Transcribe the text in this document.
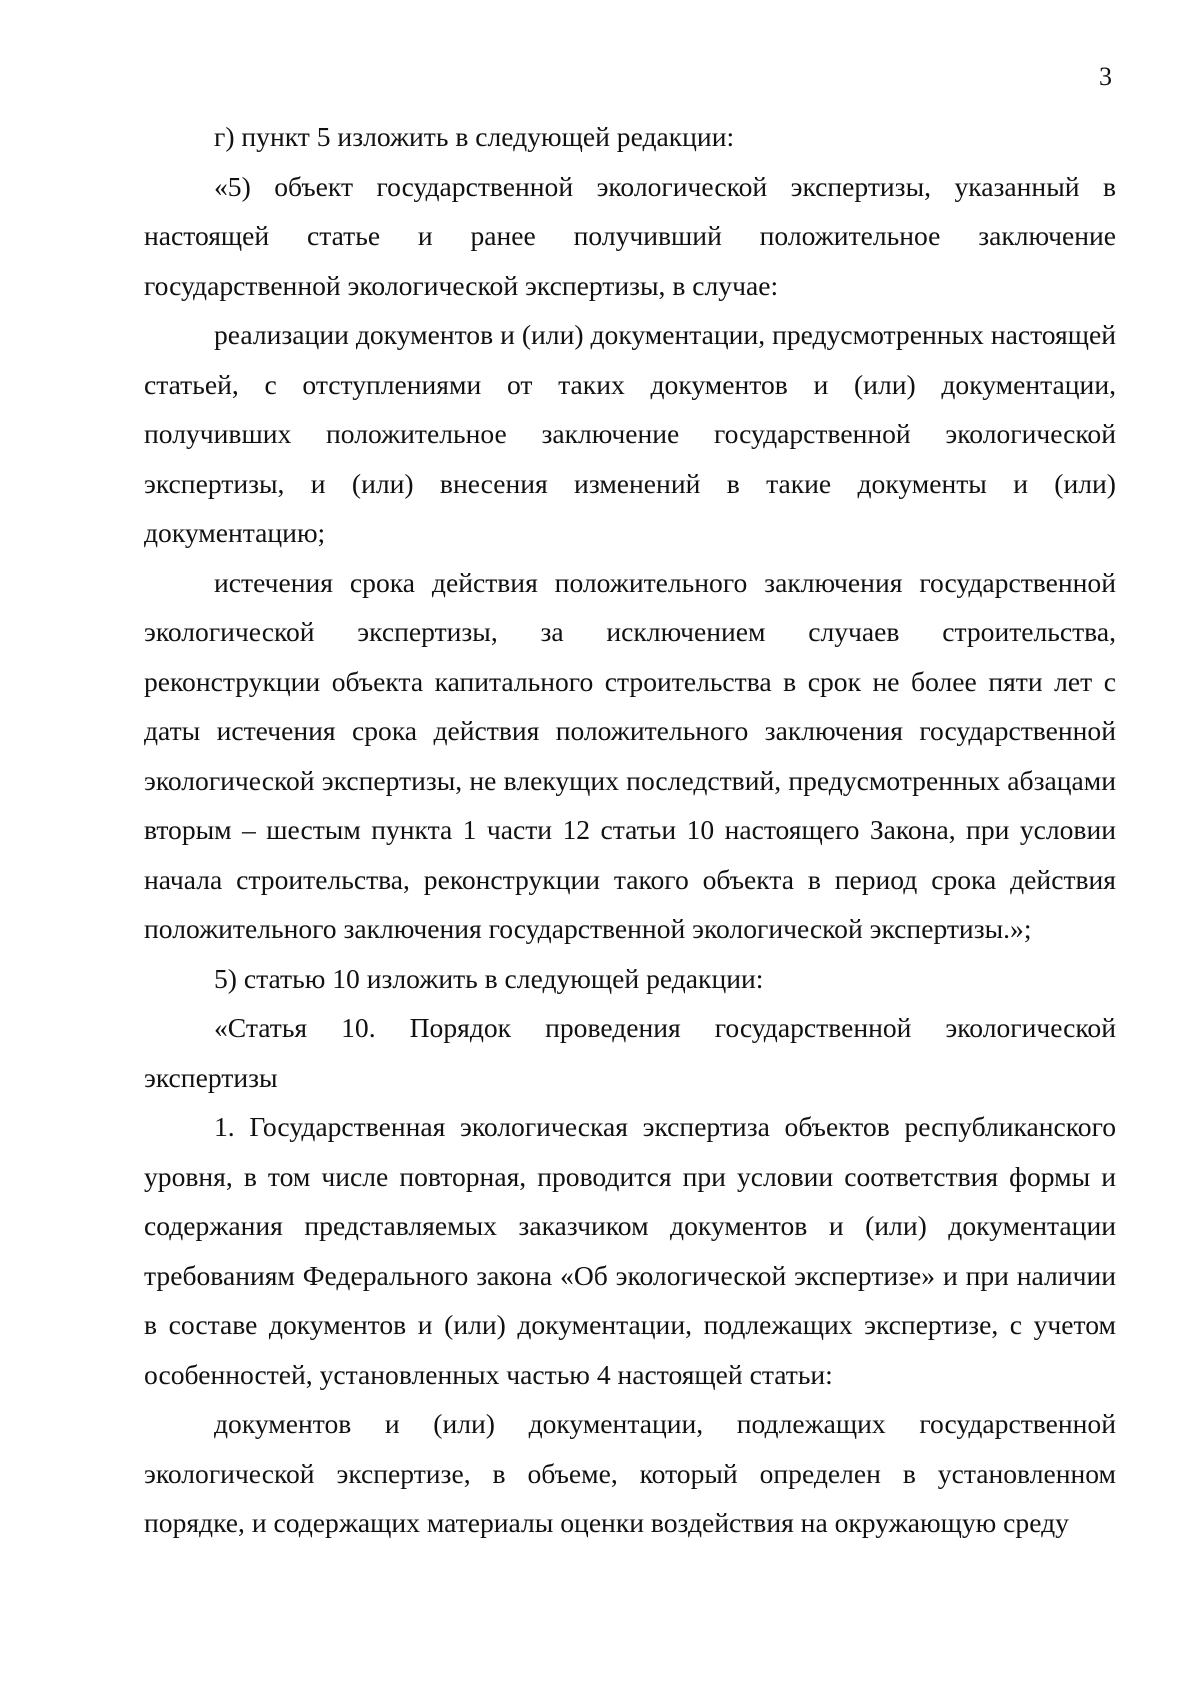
3

г) пункт 5 изложить в следующей редакции:

«5) объект государственной экологической экспертизы, указанный в настоящей статье и ранее получивший положительное заключение государственной экологической экспертизы, в случае:

реализации документов и (или) документации, предусмотренных настоящей статьей, с отступлениями от таких документов и (или) документации, получивших положительное заключение государственной экологической экспертизы, и (или) внесения изменений в такие документы и (или) документацию;

истечения срока действия положительного заключения государственной экологической экспертизы, за исключением случаев строительства, реконструкции объекта капитального строительства в срок не более пяти лет с даты истечения срока действия положительного заключения государственной экологической экспертизы, не влекущих последствий, предусмотренных абзацами вторым – шестым пункта 1 части 12 статьи 10 настоящего Закона, при условии начала строительства, реконструкции такого объекта в период срока действия положительного заключения государственной экологической экспертизы.»;

5) статью 10 изложить в следующей редакции:

«Статья 10. Порядок проведения государственной экологической экспертизы

1. Государственная экологическая экспертиза объектов республиканского уровня, в том числе повторная, проводится при условии соответствия формы и содержания представляемых заказчиком документов и (или) документации требованиям Федерального закона «Об экологической экспертизе» и при наличии в составе документов и (или) документации, подлежащих экспертизе, с учетом особенностей, установленных частью 4 настоящей статьи:

документов и (или) документации, подлежащих государственной экологической экспертизе, в объеме, который определен в установленном порядке, и содержащих материалы оценки воздействия на окружающую среду
